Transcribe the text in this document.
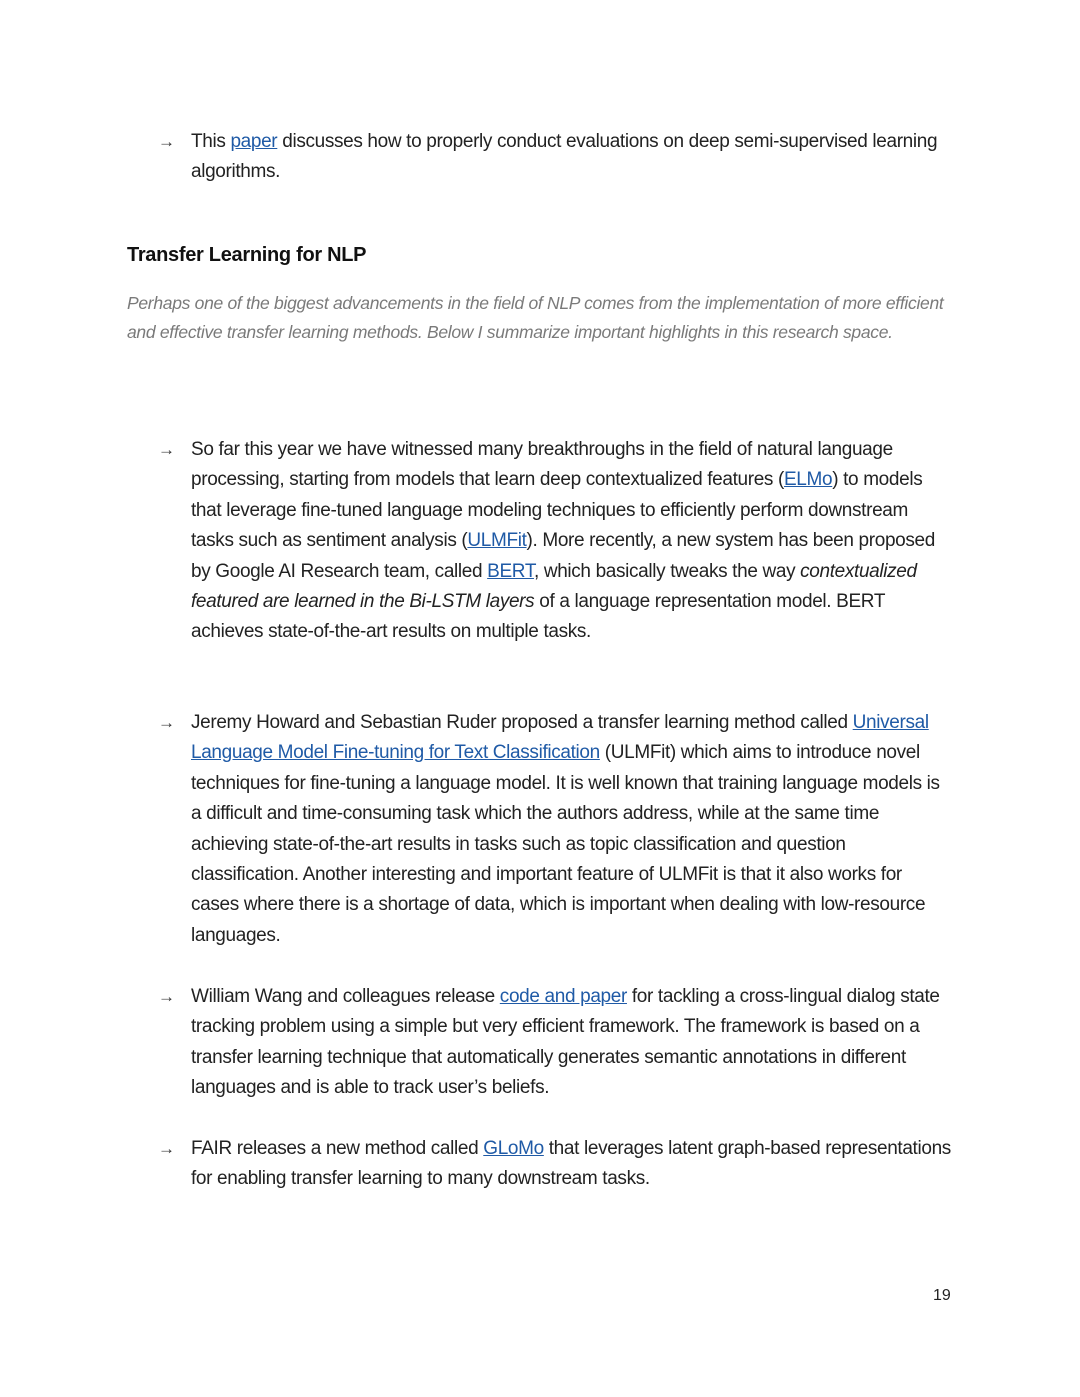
→ This paper discusses how to properly conduct evaluations on deep semi-supervised learning algorithms.
Transfer Learning for NLP

Perhaps one of the biggest advancements in the field of NLP comes from the implementation of more efficient and effective transfer learning methods. Below I summarize important highlights in this research space.

→ So far this year we have witnessed many breakthroughs in the field of natural language processing, starting from models that learn deep contextualized features (ELMo) to models that leverage fine-tuned language modeling techniques to efficiently perform downstream tasks such as sentiment analysis (ULMFit). More recently, a new system has been proposed by Google AI Research team, called BERT, which basically tweaks the way contextualized featured are learned in the Bi-LSTM layers of a language representation model. BERT achieves state-of-the-art results on multiple tasks.
→ Jeremy Howard and Sebastian Ruder proposed a transfer learning method called Universal Language Model Fine-tuning for Text Classification (ULMFit) which aims to introduce novel techniques for fine-tuning a language model. It is well known that training language models is a difficult and time-consuming task which the authors address, while at the same time achieving state-of-the-art results in tasks such as topic classification and question classification. Another interesting and important feature of ULMFit is that it also works for cases where there is a shortage of data, which is important when dealing with low-resource languages.
→ William Wang and colleagues release code and paper for tackling a cross-lingual dialog state tracking problem using a simple but very efficient framework. The framework is based on a transfer learning technique that automatically generates semantic annotations in different languages and is able to track user’s beliefs.
→ FAIR releases a new method called GLoMo that leverages latent graph-based representations for enabling transfer learning to many downstream tasks.
19
